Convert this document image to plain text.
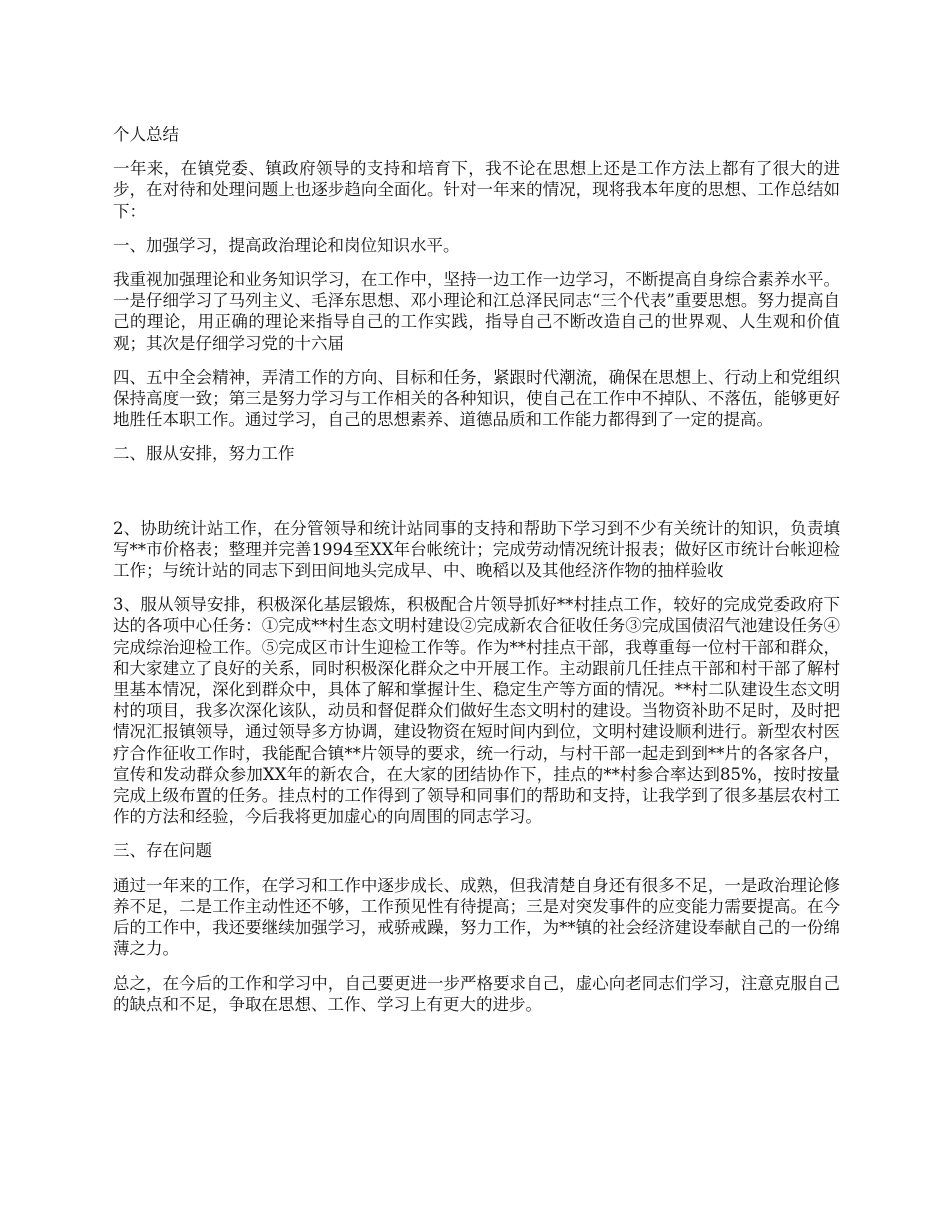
个人总结

一年来，在镇党委、镇政府领导的支持和培育下，我不论在思想上还是工作方法上都有了很大的进步，在对待和处理问题上也逐步趋向全面化。针对一年来的情况，现将我本年度的思想、工作总结如下：

一、加强学习，提高政治理论和岗位知识水平。

我重视加强理论和业务知识学习，在工作中，坚持一边工作一边学习，不断提高自身综合素养水平。一是仔细学习了马列主义、毛泽东思想、邓小理论和江总泽民同志“三个代表”重要思想。努力提高自己的理论，用正确的理论来指导自己的工作实践，指导自己不断改造自己的世界观、人生观和价值观；其次是仔细学习党的十六届

四、五中全会精神，弄清工作的方向、目标和任务，紧跟时代潮流，确保在思想上、行动上和党组织保持高度一致；第三是努力学习与工作相关的各种知识，使自己在工作中不掉队、不落伍，能够更好地胜任本职工作。通过学习，自己的思想素养、道德品质和工作能力都得到了一定的提高。

二、服从安排，努力工作

2、协助统计站工作，在分管领导和统计站同事的支持和帮助下学习到不少有关统计的知识，负责填写**市价格表；整理并完善1994至XX年台帐统计；完成劳动情况统计报表；做好区市统计台帐迎检工作；与统计站的同志下到田间地头完成早、中、晚稻以及其他经济作物的抽样验收

3、服从领导安排，积极深化基层锻炼，积极配合片领导抓好**村挂点工作，较好的完成党委政府下达的各项中心任务：①完成**村生态文明村建设②完成新农合征收任务③完成国债沼气池建设任务④完成综治迎检工作。⑤完成区市计生迎检工作等。作为**村挂点干部，我尊重每一位村干部和群众，和大家建立了良好的关系，同时积极深化群众之中开展工作。主动跟前几任挂点干部和村干部了解村里基本情况，深化到群众中，具体了解和掌握计生、稳定生产等方面的情况。**村二队建设生态文明村的项目，我多次深化该队，动员和督促群众们做好生态文明村的建设。当物资补助不足时，及时把情况汇报镇领导，通过领导多方协调，建设物资在短时间内到位，文明村建设顺利进行。新型农村医疗合作征收工作时，我能配合镇**片领导的要求，统一行动，与村干部一起走到到**片的各家各户，宣传和发动群众参加XX年的新农合，在大家的团结协作下，挂点的**村参合率达到85%，按时按量完成上级布置的任务。挂点村的工作得到了领导和同事们的帮助和支持，让我学到了很多基层农村工作的方法和经验，今后我将更加虚心的向周围的同志学习。

三、存在问题

通过一年来的工作，在学习和工作中逐步成长、成熟，但我清楚自身还有很多不足，一是政治理论修养不足，二是工作主动性还不够，工作预见性有待提高；三是对突发事件的应变能力需要提高。在今后的工作中，我还要继续加强学习，戒骄戒躁，努力工作，为**镇的社会经济建设奉献自己的一份绵薄之力。

总之，在今后的工作和学习中，自己要更进一步严格要求自己，虚心向老同志们学习，注意克服自己的缺点和不足，争取在思想、工作、学习上有更大的进步。
